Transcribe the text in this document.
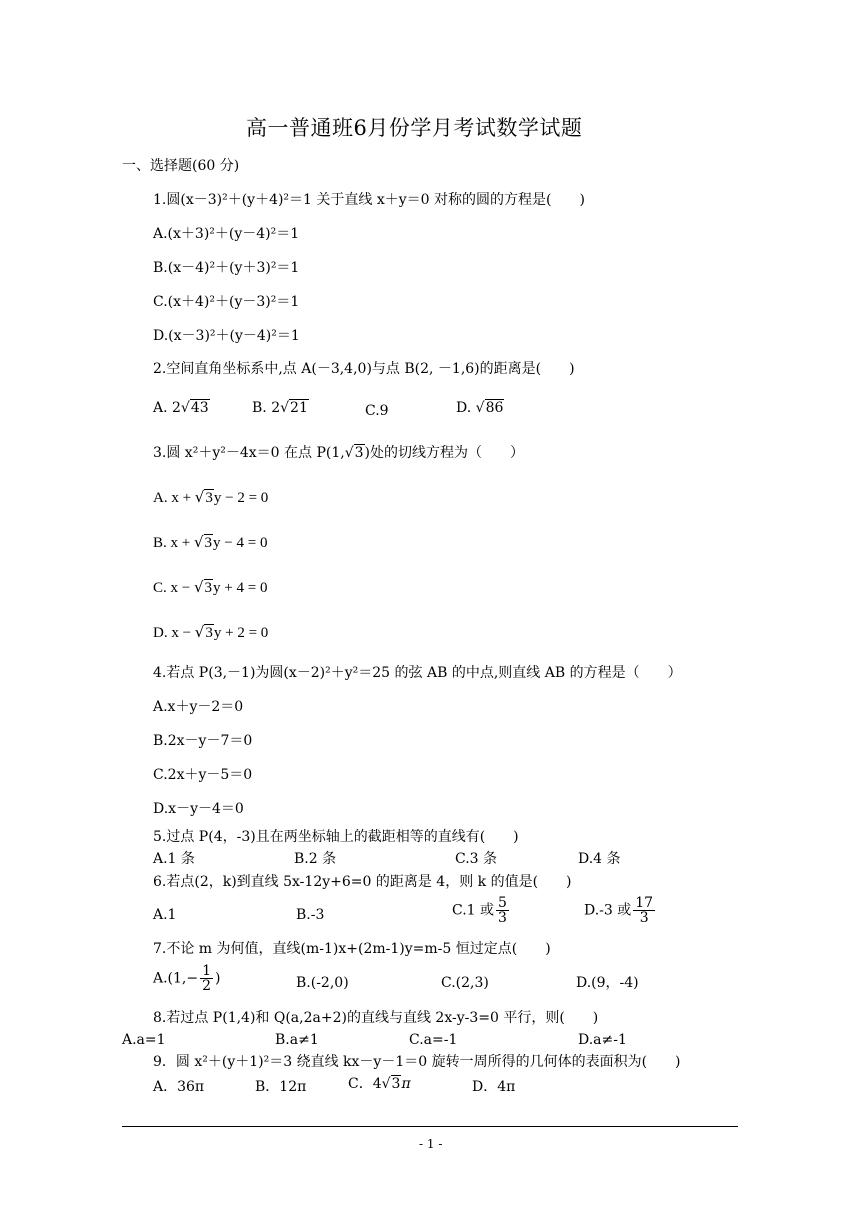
高一普通班6月份学月考试数学试题
一、选择题(60 分)
1.圆(x－3)²＋(y＋4)²＝1 关于直线 x＋y＝0 对称的圆的方程是(　　)
A.(x＋3)²＋(y－4)²＝1
B.(x－4)²＋(y＋3)²＝1
C.(x＋4)²＋(y－3)²＝1
D.(x－3)²＋(y－4)²＝1
2.空间直角坐标系中,点 A(－3,4,0)与点 B(2, －1,6)的距离是(　　)
A. 2√43	B. 2√21	C.9	D. √86
3.圆 x²＋y²－4x＝0 在点 P(1,√3)处的切线方程为（　　）
A. x + √3y − 2 = 0
B. x + √3y − 4 = 0
C. x − √3y + 4 = 0
D. x − √3y + 2 = 0
4.若点 P(3,－1)为圆(x－2)²＋y²＝25 的弦 AB 的中点,则直线 AB 的方程是（　　）
A.x＋y－2＝0
B.2x－y－7＝0
C.2x＋y－5＝0
D.x－y－4＝0
5.过点 P(4，-3)且在两坐标轴上的截距相等的直线有(　　)
A.1 条	B.2 条	C.3 条	D.4 条
6.若点(2，k)到直线 5x-12y+6=0 的距离是 4，则 k 的值是(　　)
A.1	B.-3	C.1 或 $\frac{5}{3}$	D.-3 或 $\frac{17}{3}$
7.不论 m 为何值，直线(m-1)x+(2m-1)y=m-5 恒过定点(　　)
$A.(1,- \frac{1}{2}$ )	B.(-2,0)	C.(2,3)	D.(9，-4)
8.若过点 P(1,4)和 Q(a,2a+2)的直线与直线 2x-y-3=0 平行，则(　　)
A.a=1	B.a≠1	C.a=-1	D.a≠-1
9．圆 x²＋(y＋1)²＝3 绕直线 kx－y－1＝0 旋转一周所得的几何体的表面积为(　　)
A．36π	B．12π	C．4√3π	D．4π
- 1 -
